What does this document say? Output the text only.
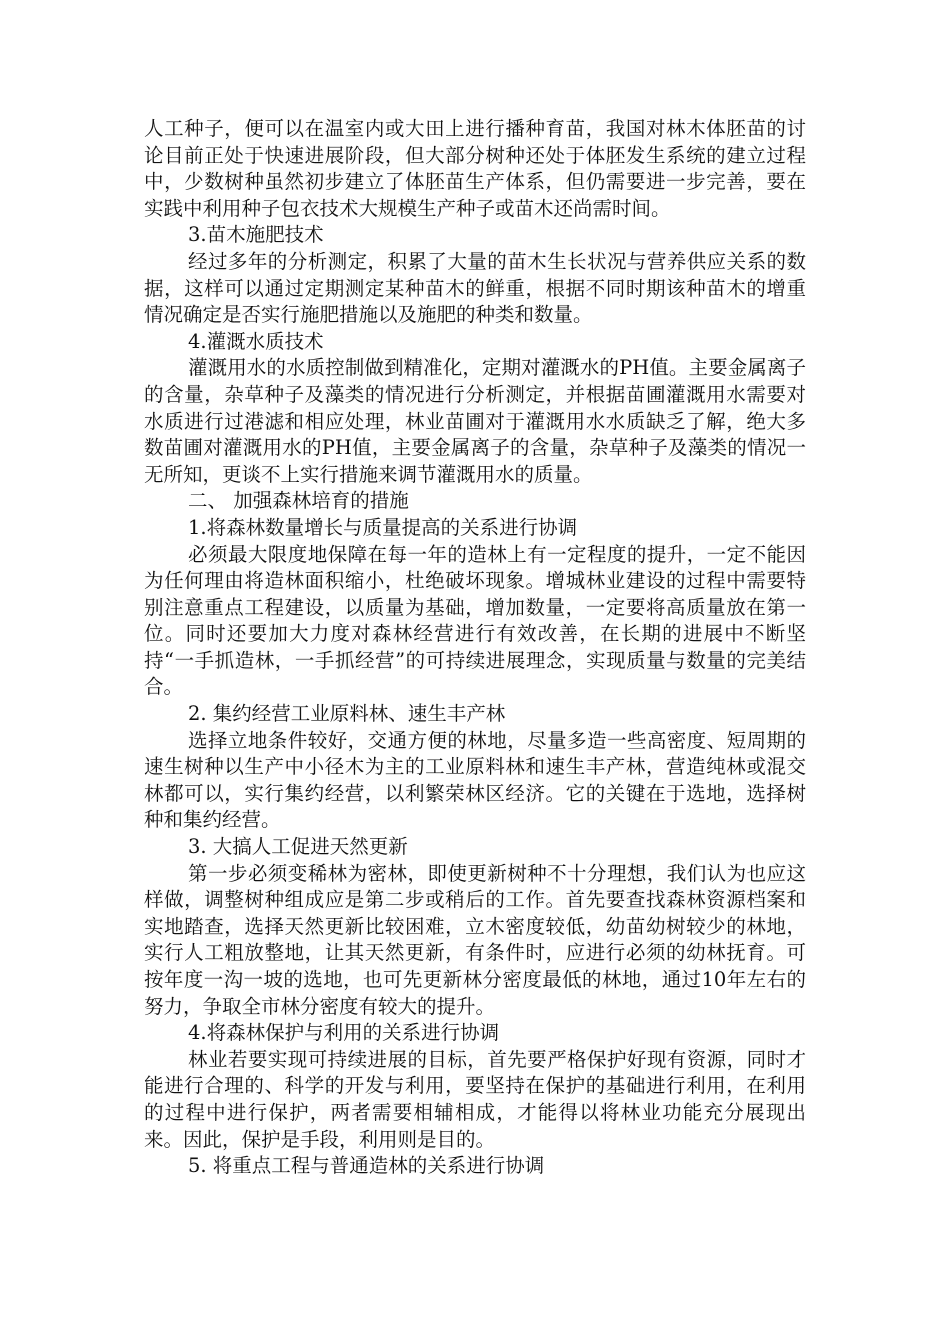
人工种子，便可以在温室内或大田上进行播种育苗，我国对林木体胚苗的讨论目前正处于快速进展阶段，但大部分树种还处于体胚发生系统的建立过程中，少数树种虽然初步建立了体胚苗生产体系，但仍需要进一步完善，要在实践中利用种子包衣技术大规模生产种子或苗木还尚需时间。

3.苗木施肥技术

经过多年的分析测定，积累了大量的苗木生长状况与营养供应关系的数据，这样可以通过定期测定某种苗木的鲜重，根据不同时期该种苗木的增重情况确定是否实行施肥措施以及施肥的种类和数量。

4.灌溉水质技术

灌溉用水的水质控制做到精准化，定期对灌溉水的PH值。主要金属离子的含量，杂草种子及藻类的情况进行分析测定，并根据苗圃灌溉用水需要对水质进行过港滤和相应处理，林业苗圃对于灌溉用水水质缺乏了解，绝大多数苗圃对灌溉用水的PH值，主要金属离子的含量，杂草种子及藻类的情况一无所知，更谈不上实行措施来调节灌溉用水的质量。

二、 加强森林培育的措施

1.将森林数量增长与质量提高的关系进行协调

必须最大限度地保障在每一年的造林上有一定程度的提升，一定不能因为任何理由将造林面积缩小，杜绝破坏现象。增城林业建设的过程中需要特别注意重点工程建设，以质量为基础，增加数量，一定要将高质量放在第一位。同时还要加大力度对森林经营进行有效改善，在长期的进展中不断坚持“一手抓造林，一手抓经营”的可持续进展理念，实现质量与数量的完美结合。

2. 集约经营工业原料林、速生丰产林

选择立地条件较好，交通方便的林地，尽量多造一些高密度、短周期的速生树种以生产中小径木为主的工业原料林和速生丰产林，营造纯林或混交林都可以，实行集约经营，以利繁荣林区经济。它的关键在于选地，选择树种和集约经营。

3. 大搞人工促进天然更新

第一步必须变稀林为密林，即使更新树种不十分理想，我们认为也应这样做，调整树种组成应是第二步或稍后的工作。首先要查找森林资源档案和实地踏查，选择天然更新比较困难，立木密度较低，幼苗幼树较少的林地，实行人工粗放整地，让其天然更新，有条件时，应进行必须的幼林抚育。可按年度一沟一坡的选地，也可先更新林分密度最低的林地，通过10年左右的努力，争取全市林分密度有较大的提升。

4.将森林保护与利用的关系进行协调

林业若要实现可持续进展的目标，首先要严格保护好现有资源，同时才能进行合理的、科学的开发与利用，要坚持在保护的基础进行利用，在利用的过程中进行保护，两者需要相辅相成，才能得以将林业功能充分展现出来。因此，保护是手段，利用则是目的。

5. 将重点工程与普通造林的关系进行协调
